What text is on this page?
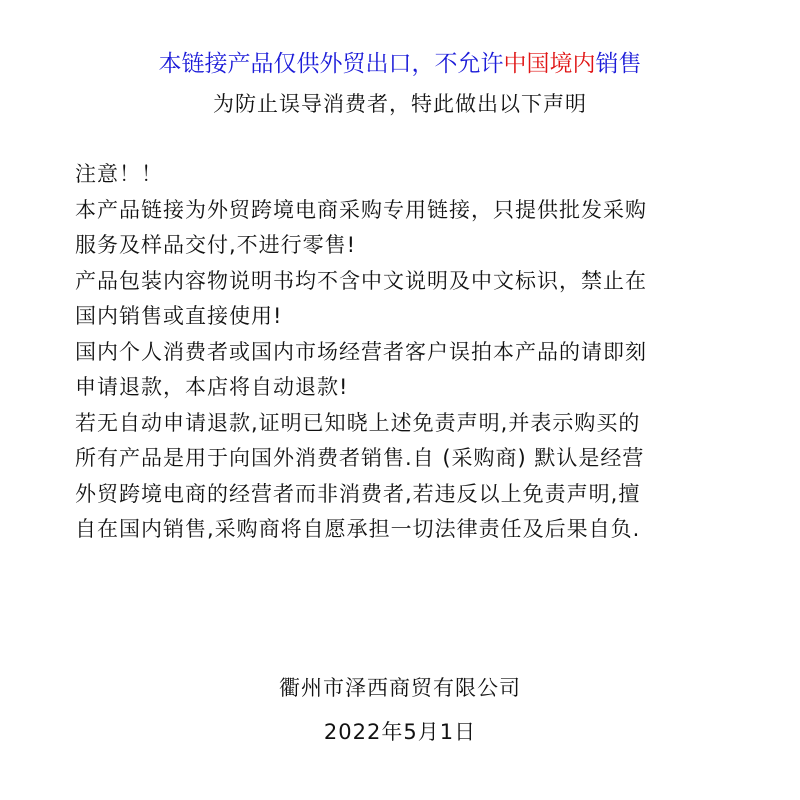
本链接产品仅供外贸出口，不允许中国境内销售
为防止误导消费者，特此做出以下声明
注意！！
本产品链接为外贸跨境电商采购专用链接，只提供批发采购
服务及样品交付,不进行零售!
产品包装内容物说明书均不含中文说明及中文标识，禁止在
国内销售或直接使用!
国内个人消费者或国内市场经营者客户误拍本产品的请即刻
申请退款，本店将自动退款!
若无自动申请退款,证明已知晓上述免责声明,并表示购买的
所有产品是用于向国外消费者销售.自 (采购商) 默认是经营
外贸跨境电商的经营者而非消费者,若违反以上免责声明,擅
自在国内销售,采购商将自愿承担一切法律责任及后果自负.
衢州市泽西商贸有限公司
2022年5月1日
